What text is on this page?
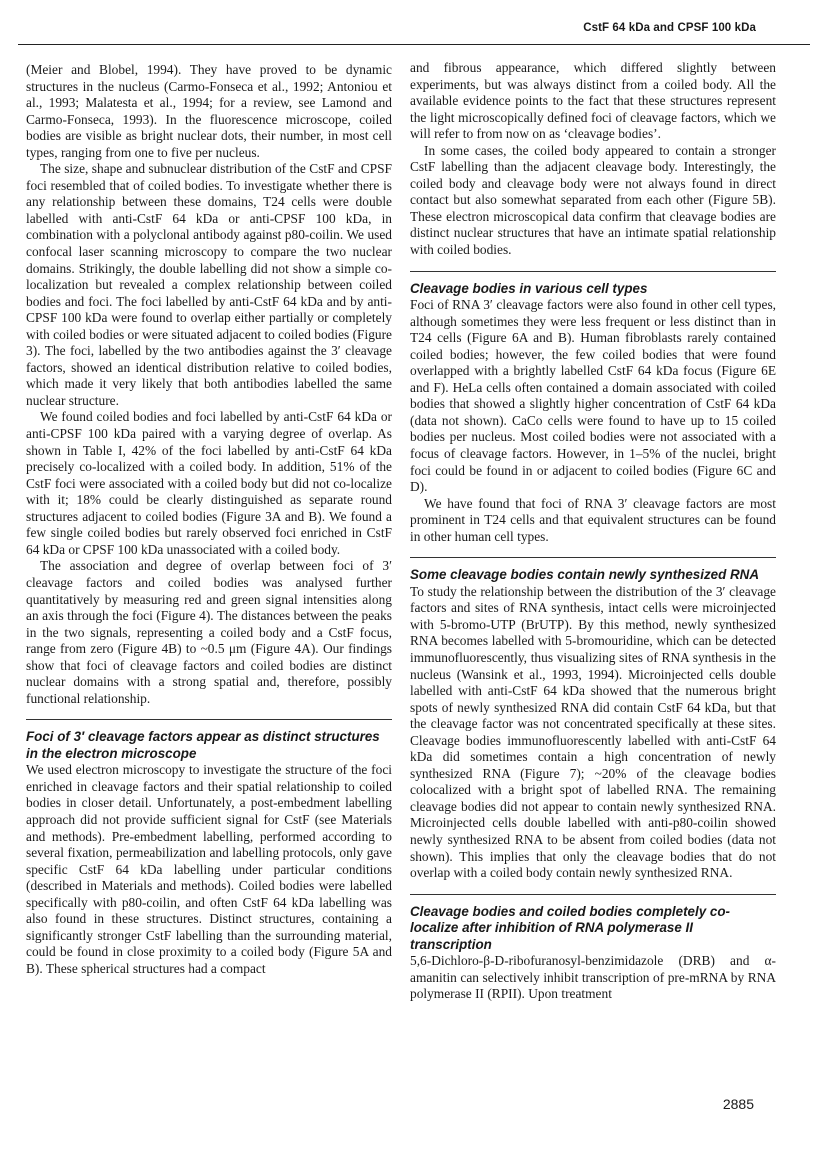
CstF 64 kDa and CPSF 100 kDa

(Meier and Blobel, 1994). They have proved to be dynamic structures in the nucleus (Carmo-Fonseca et al., 1992; Antoniou et al., 1993; Malatesta et al., 1994; for a review, see Lamond and Carmo-Fonseca, 1993). In the fluorescence microscope, coiled bodies are visible as bright nuclear dots, their number, in most cell types, ranging from one to five per nucleus.

The size, shape and subnuclear distribution of the CstF and CPSF foci resembled that of coiled bodies. To investigate whether there is any relationship between these domains, T24 cells were double labelled with anti-CstF 64 kDa or anti-CPSF 100 kDa, in combination with a polyclonal antibody against p80-coilin. We used confocal laser scanning microscopy to compare the two nuclear domains. Strikingly, the double labelling did not show a simple co-localization but revealed a complex relationship between coiled bodies and foci. The foci labelled by anti-CstF 64 kDa and by anti-CPSF 100 kDa were found to overlap either partially or completely with coiled bodies or were situated adjacent to coiled bodies (Figure 3). The foci, labelled by the two antibodies against the 3′ cleavage factors, showed an identical distribution relative to coiled bodies, which made it very likely that both antibodies labelled the same nuclear structure.

We found coiled bodies and foci labelled by anti-CstF 64 kDa or anti-CPSF 100 kDa paired with a varying degree of overlap. As shown in Table I, 42% of the foci labelled by anti-CstF 64 kDa precisely co-localized with a coiled body. In addition, 51% of the CstF foci were associated with a coiled body but did not co-localize with it; 18% could be clearly distinguished as separate round structures adjacent to coiled bodies (Figure 3A and B). We found a few single coiled bodies but rarely observed foci enriched in CstF 64 kDa or CPSF 100 kDa unassociated with a coiled body.

The association and degree of overlap between foci of 3′ cleavage factors and coiled bodies was analysed further quantitatively by measuring red and green signal intensities along an axis through the foci (Figure 4). The distances between the peaks in the two signals, representing a coiled body and a CstF focus, range from zero (Figure 4B) to ~0.5 μm (Figure 4A). Our findings show that foci of cleavage factors and coiled bodies are distinct nuclear domains with a strong spatial and, therefore, possibly functional relationship.

Foci of 3′ cleavage factors appear as distinct structures in the electron microscope

We used electron microscopy to investigate the structure of the foci enriched in cleavage factors and their spatial relationship to coiled bodies in closer detail. Unfortunately, a post-embedment labelling approach did not provide sufficient signal for CstF (see Materials and methods). Pre-embedment labelling, performed according to several fixation, permeabilization and labelling protocols, only gave specific CstF 64 kDa labelling under particular conditions (described in Materials and methods). Coiled bodies were labelled specifically with p80-coilin, and often CstF 64 kDa labelling was also found in these structures. Distinct structures, containing a significantly stronger CstF labelling than the surrounding material, could be found in close proximity to a coiled body (Figure 5A and B). These spherical structures had a compact

and fibrous appearance, which differed slightly between experiments, but was always distinct from a coiled body. All the available evidence points to the fact that these structures represent the light microscopically defined foci of cleavage factors, which we will refer to from now on as ‘cleavage bodies’.

In some cases, the coiled body appeared to contain a stronger CstF labelling than the adjacent cleavage body. Interestingly, the coiled body and cleavage body were not always found in direct contact but also somewhat separated from each other (Figure 5B). These electron microscopical data confirm that cleavage bodies are distinct nuclear structures that have an intimate spatial relationship with coiled bodies.

Cleavage bodies in various cell types

Foci of RNA 3′ cleavage factors were also found in other cell types, although sometimes they were less frequent or less distinct than in T24 cells (Figure 6A and B). Human fibroblasts rarely contained coiled bodies; however, the few coiled bodies that were found overlapped with a brightly labelled CstF 64 kDa focus (Figure 6E and F). HeLa cells often contained a domain associated with coiled bodies that showed a slightly higher concentration of CstF 64 kDa (data not shown). CaCo cells were found to have up to 15 coiled bodies per nucleus. Most coiled bodies were not associated with a focus of cleavage factors. However, in 1–5% of the nuclei, bright foci could be found in or adjacent to coiled bodies (Figure 6C and D).

We have found that foci of RNA 3′ cleavage factors are most prominent in T24 cells and that equivalent structures can be found in other human cell types.

Some cleavage bodies contain newly synthesized RNA

To study the relationship between the distribution of the 3′ cleavage factors and sites of RNA synthesis, intact cells were microinjected with 5-bromo-UTP (BrUTP). By this method, newly synthesized RNA becomes labelled with 5-bromouridine, which can be detected immunofluorescently, thus visualizing sites of RNA synthesis in the nucleus (Wansink et al., 1993, 1994). Microinjected cells double labelled with anti-CstF 64 kDa showed that the numerous bright spots of newly synthesized RNA did contain CstF 64 kDa, but that the cleavage factor was not concentrated specifically at these sites. Cleavage bodies immunofluorescently labelled with anti-CstF 64 kDa did sometimes contain a high concentration of newly synthesized RNA (Figure 7); ~20% of the cleavage bodies colocalized with a bright spot of labelled RNA. The remaining cleavage bodies did not appear to contain newly synthesized RNA. Microinjected cells double labelled with anti-p80-coilin showed newly synthesized RNA to be absent from coiled bodies (data not shown). This implies that only the cleavage bodies that do not overlap with a coiled body contain newly synthesized RNA.

Cleavage bodies and coiled bodies completely co-localize after inhibition of RNA polymerase II transcription

5,6-Dichloro-β-D-ribofuranosyl-benzimidazole (DRB) and α-amanitin can selectively inhibit transcription of pre-mRNA by RNA polymerase II (RPII). Upon treatment

2885
